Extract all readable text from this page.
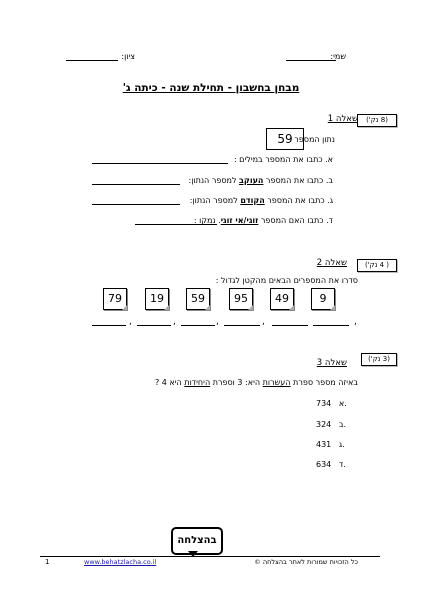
שמי:
ציון:
מבחן בחשבון - תחילת שנה - כיתה ג'
(8 נק')
שאלה 1
נתון המספר :
59
א. כתבו את המספר במילים :
ב. כתבו את המספר העוקב למספר הנתון:
ג. כתבו את המספר הקודם למספר הנתון:
ד. כתבו האם המספר זוגי/אי זוגי. נמקו :
( 4 נק')
שאלה 2
סדרו את המספרים הבאים מהקטן לגדול :
9
49
95
59
19
79
,
,
,
,
,
(3 נק')
שאלה 3
באיזה מספר ספרת העשרות היא: 3 וספרת היחידות היא 4 ?
734 א.
324 ב.
431 ג.
634 ד.
בהצלחה
כל הזכויות שמורות לאתר בהצלחה ©
www.behatzlacha.co.il
1
